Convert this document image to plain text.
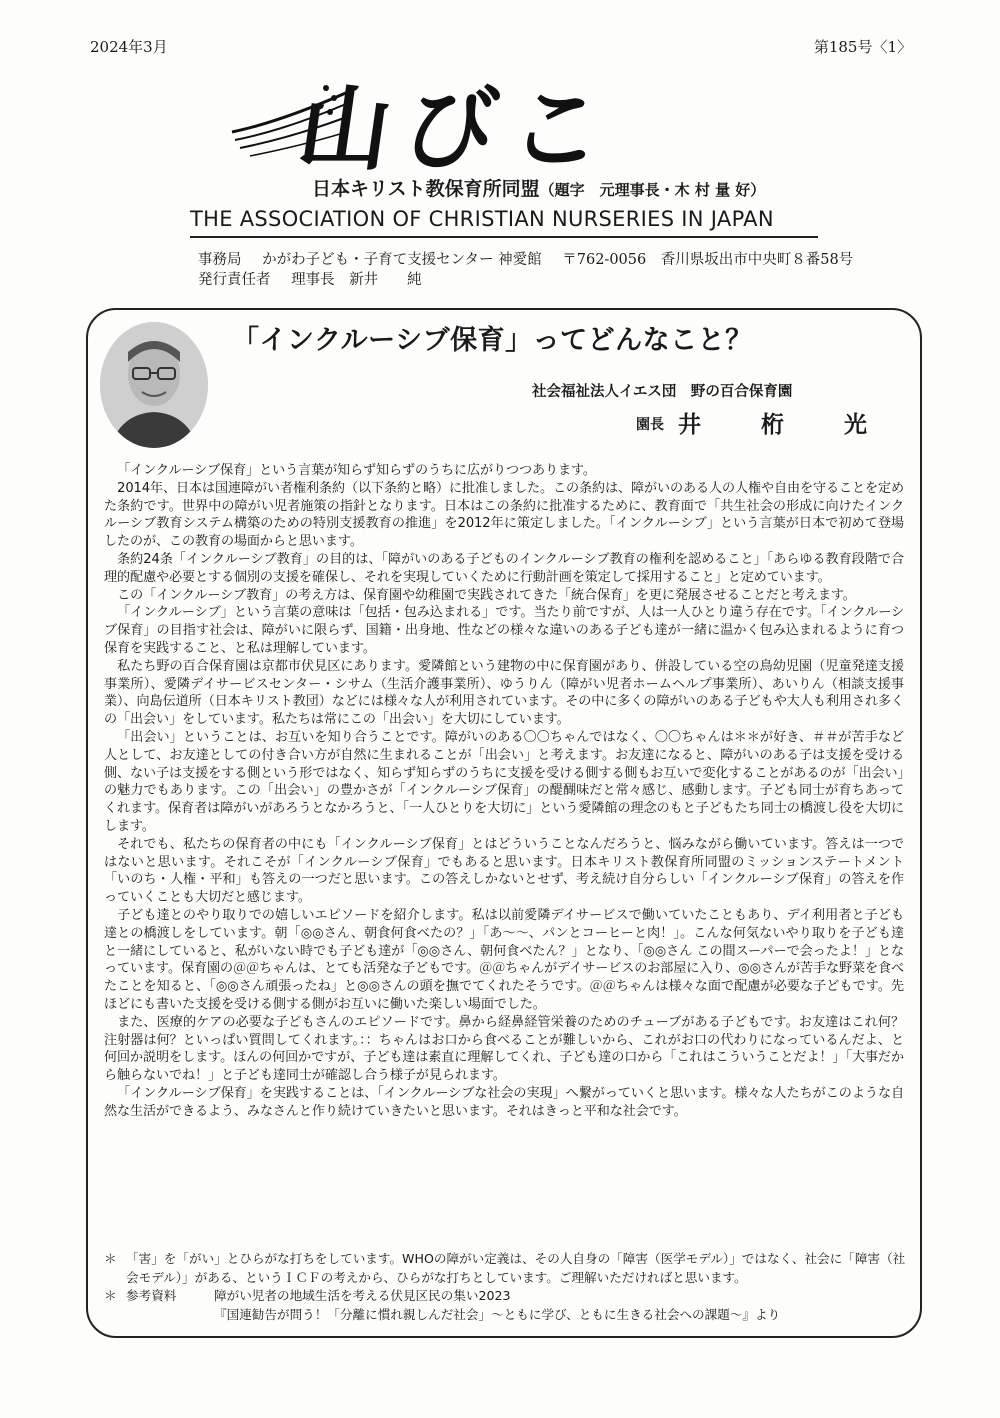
2024年3月	第185号〈1〉
山びこ
日本キリスト教保育所同盟（題字　元理事長・木 村 量 好）
THE ASSOCIATION OF CHRISTIAN NURSERIES IN JAPAN
事務局 かがわ子ども・子育て支援センター 神愛館 〒762-0056　香川県坂出市中央町８番58号
発行責任者 理事長　新井　　純
「インクルーシブ保育」ってどんなこと？
社会福祉法人イエス団　野の百合保育園
園長 井 桁 光

「インクルーシブ保育」という言葉が知らず知らずのうちに広がりつつあります。

2014年、日本は国連障がい者権利条約（以下条約と略）に批准しました。この条約は、障がいのある人の人権や自由を守ることを定めた条約です。世界中の障がい児者施策の指針となります。日本はこの条約に批准するために、教育面で「共生社会の形成に向けたインクルーシブ教育システム構築のための特別支援教育の推進」を2012年に策定しました。「インクルーシブ」という言葉が日本で初めて登場したのが、この教育の場面からと思います。

条約24条「インクルーシブ教育」の目的は、「障がいのある子どものインクルーシブ教育の権利を認めること」「あらゆる教育段階で合理的配慮や必要とする個別の支援を確保し、それを実現していくために行動計画を策定して採用すること」と定めています。

この「インクルーシブ教育」の考え方は、保育園や幼稚園で実践されてきた「統合保育」を更に発展させることだと考えます。

「インクルーシブ」という言葉の意味は「包括・包み込まれる」です。当たり前ですが、人は一人ひとり違う存在です。「インクルーシブ保育」の目指す社会は、障がいに限らず、国籍・出身地、性などの様々な違いのある子ども達が一緒に温かく包み込まれるように育つ保育を実践すること、と私は理解しています。

私たち野の百合保育園は京都市伏見区にあります。愛隣館という建物の中に保育園があり、併設している空の鳥幼児園（児童発達支援事業所）、愛隣デイサービスセンター・シサム（生活介護事業所）、ゆうりん（障がい児者ホームヘルプ事業所）、あいりん（相談支援事業）、向島伝道所（日本キリスト教団）などには様々な人が利用されています。その中に多くの障がいのある子どもや大人も利用され多くの「出会い」をしています。私たちは常にこの「出会い」を大切にしています。

「出会い」ということは、お互いを知り合うことです。障がいのある〇〇ちゃんではなく、〇〇ちゃんは＊＊が好き、＃＃が苦手など人として、お友達としての付き合い方が自然に生まれることが「出会い」と考えます。お友達になると、障がいのある子は支援を受ける側、ない子は支援をする側という形ではなく、知らず知らずのうちに支援を受ける側する側もお互いで変化することがあるのが「出会い」の魅力でもあります。この「出会い」の豊かさが「インクルーシブ保育」の醍醐味だと常々感じ、感動します。子ども同士が育ちあってくれます。保育者は障がいがあろうとなかろうと、「一人ひとりを大切に」という愛隣館の理念のもと子どもたち同士の橋渡し役を大切にします。

それでも、私たちの保育者の中にも「インクルーシブ保育」とはどういうことなんだろうと、悩みながら働いています。答えは一つではないと思います。それこそが「インクルーシブ保育」でもあると思います。日本キリスト教保育所同盟のミッションステートメント「いのち・人権・平和」も答えの一つだと思います。この答えしかないとせず、考え続け自分らしい「インクルーシブ保育」の答えを作っていくことも大切だと感じます。

子ども達とのやり取りでの嬉しいエピソードを紹介します。私は以前愛隣デイサービスで働いていたこともあり、デイ利用者と子ども達との橋渡しをしています。朝「◎◎さん、朝食何食べたの？」「あ～～、パンとコーヒーと肉！」。こんな何気ないやり取りを子ども達と一緒にしていると、私がいない時でも子ども達が「◎◎さん、朝何食べたん？」となり、「◎◎さん この間スーパーで会ったよ！」となっています。保育園の＠＠ちゃんは、とても活発な子どもです。＠＠ちゃんがデイサービスのお部屋に入り、◎◎さんが苦手な野菜を食べたことを知ると、「◎◎さん頑張ったね」と◎◎さんの頭を撫でてくれたそうです。＠＠ちゃんは様々な面で配慮が必要な子どもです。先ほどにも書いた支援を受ける側する側がお互いに働いた楽しい場面でした。

また、医療的ケアの必要な子どもさんのエピソードです。鼻から経鼻経管栄養のためのチューブがある子どもです。お友達はこれ何？注射器は何？といっぱい質問してくれます。：：ちゃんはお口から食べることが難しいから、これがお口の代わりになっているんだよ、と何回か説明をします。ほんの何回かですが、子ども達は素直に理解してくれ、子ども達の口から「これはこういうことだよ！」「大事だから触らないでね！」と子ども達同士が確認し合う様子が見られます。

「インクルーシブ保育」を実践することは、「インクルーシブな社会の実現」へ繋がっていくと思います。様々な人たちがこのような自然な生活ができるよう、みなさんと作り続けていきたいと思います。それはきっと平和な社会です。

＊ 「害」を「がい」とひらがな打ちをしています。WHOの障がい定義は、その人自身の「障害（医学モデル）」ではなく、社会に「障害（社会モデル）」がある、というＩＣＦの考えから、ひらがな打ちとしています。ご理解いただければと思います。
＊ 参考資料	障がい児者の地域生活を考える伏見区民の集い2023
『国連勧告が問う！「分離に慣れ親しんだ社会」～ともに学び、ともに生きる社会への課題～』より
